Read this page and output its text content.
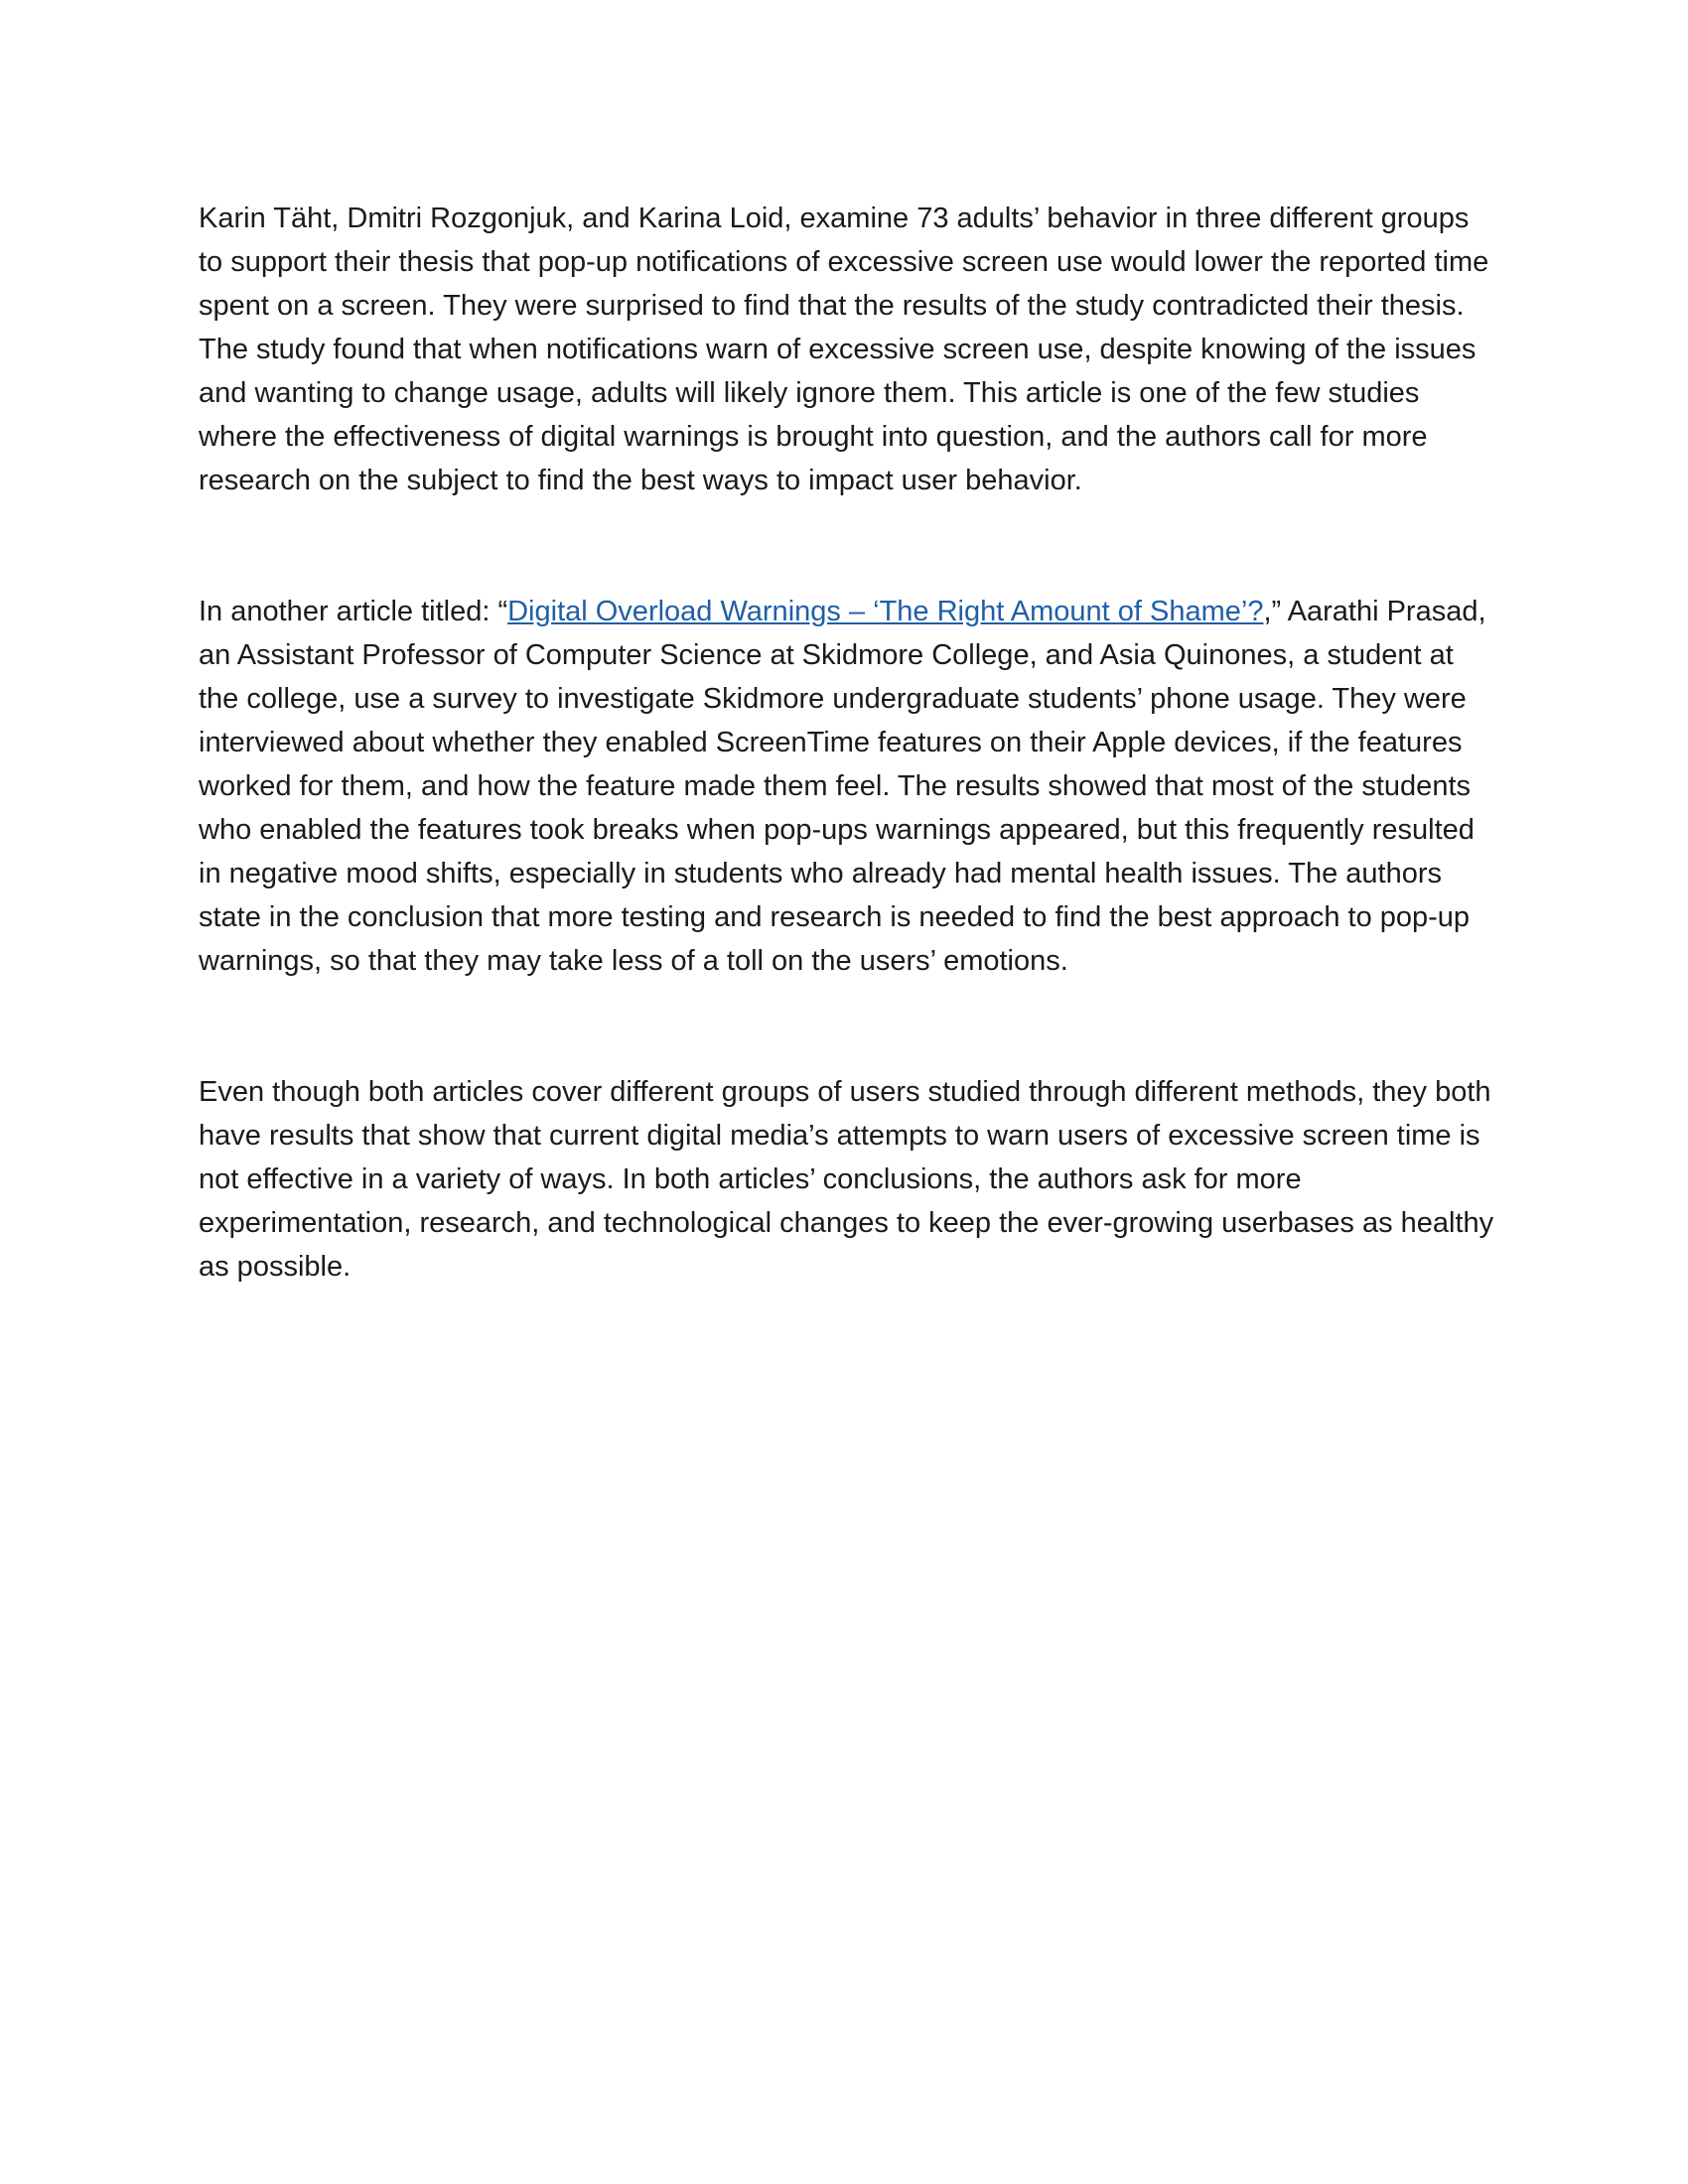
Karin Täht, Dmitri Rozgonjuk, and Karina Loid, examine 73 adults’ behavior in three different groups to support their thesis that pop-up notifications of excessive screen use would lower the reported time spent on a screen. They were surprised to find that the results of the study contradicted their thesis. The study found that when notifications warn of excessive screen use, despite knowing of the issues and wanting to change usage, adults will likely ignore them. This article is one of the few studies where the effectiveness of digital warnings is brought into question, and the authors call for more research on the subject to find the best ways to impact user behavior.

In another article titled: “Digital Overload Warnings – ‘The Right Amount of Shame’?,” Aarathi Prasad, an Assistant Professor of Computer Science at Skidmore College, and Asia Quinones, a student at the college, use a survey to investigate Skidmore undergraduate students’ phone usage. They were interviewed about whether they enabled ScreenTime features on their Apple devices, if the features worked for them, and how the feature made them feel. The results showed that most of the students who enabled the features took breaks when pop-ups warnings appeared, but this frequently resulted in negative mood shifts, especially in students who already had mental health issues. The authors state in the conclusion that more testing and research is needed to find the best approach to pop-up warnings, so that they may take less of a toll on the users’ emotions.

Even though both articles cover different groups of users studied through different methods, they both have results that show that current digital media’s attempts to warn users of excessive screen time is not effective in a variety of ways. In both articles’ conclusions, the authors ask for more experimentation, research, and technological changes to keep the ever-growing userbases as healthy as possible.
